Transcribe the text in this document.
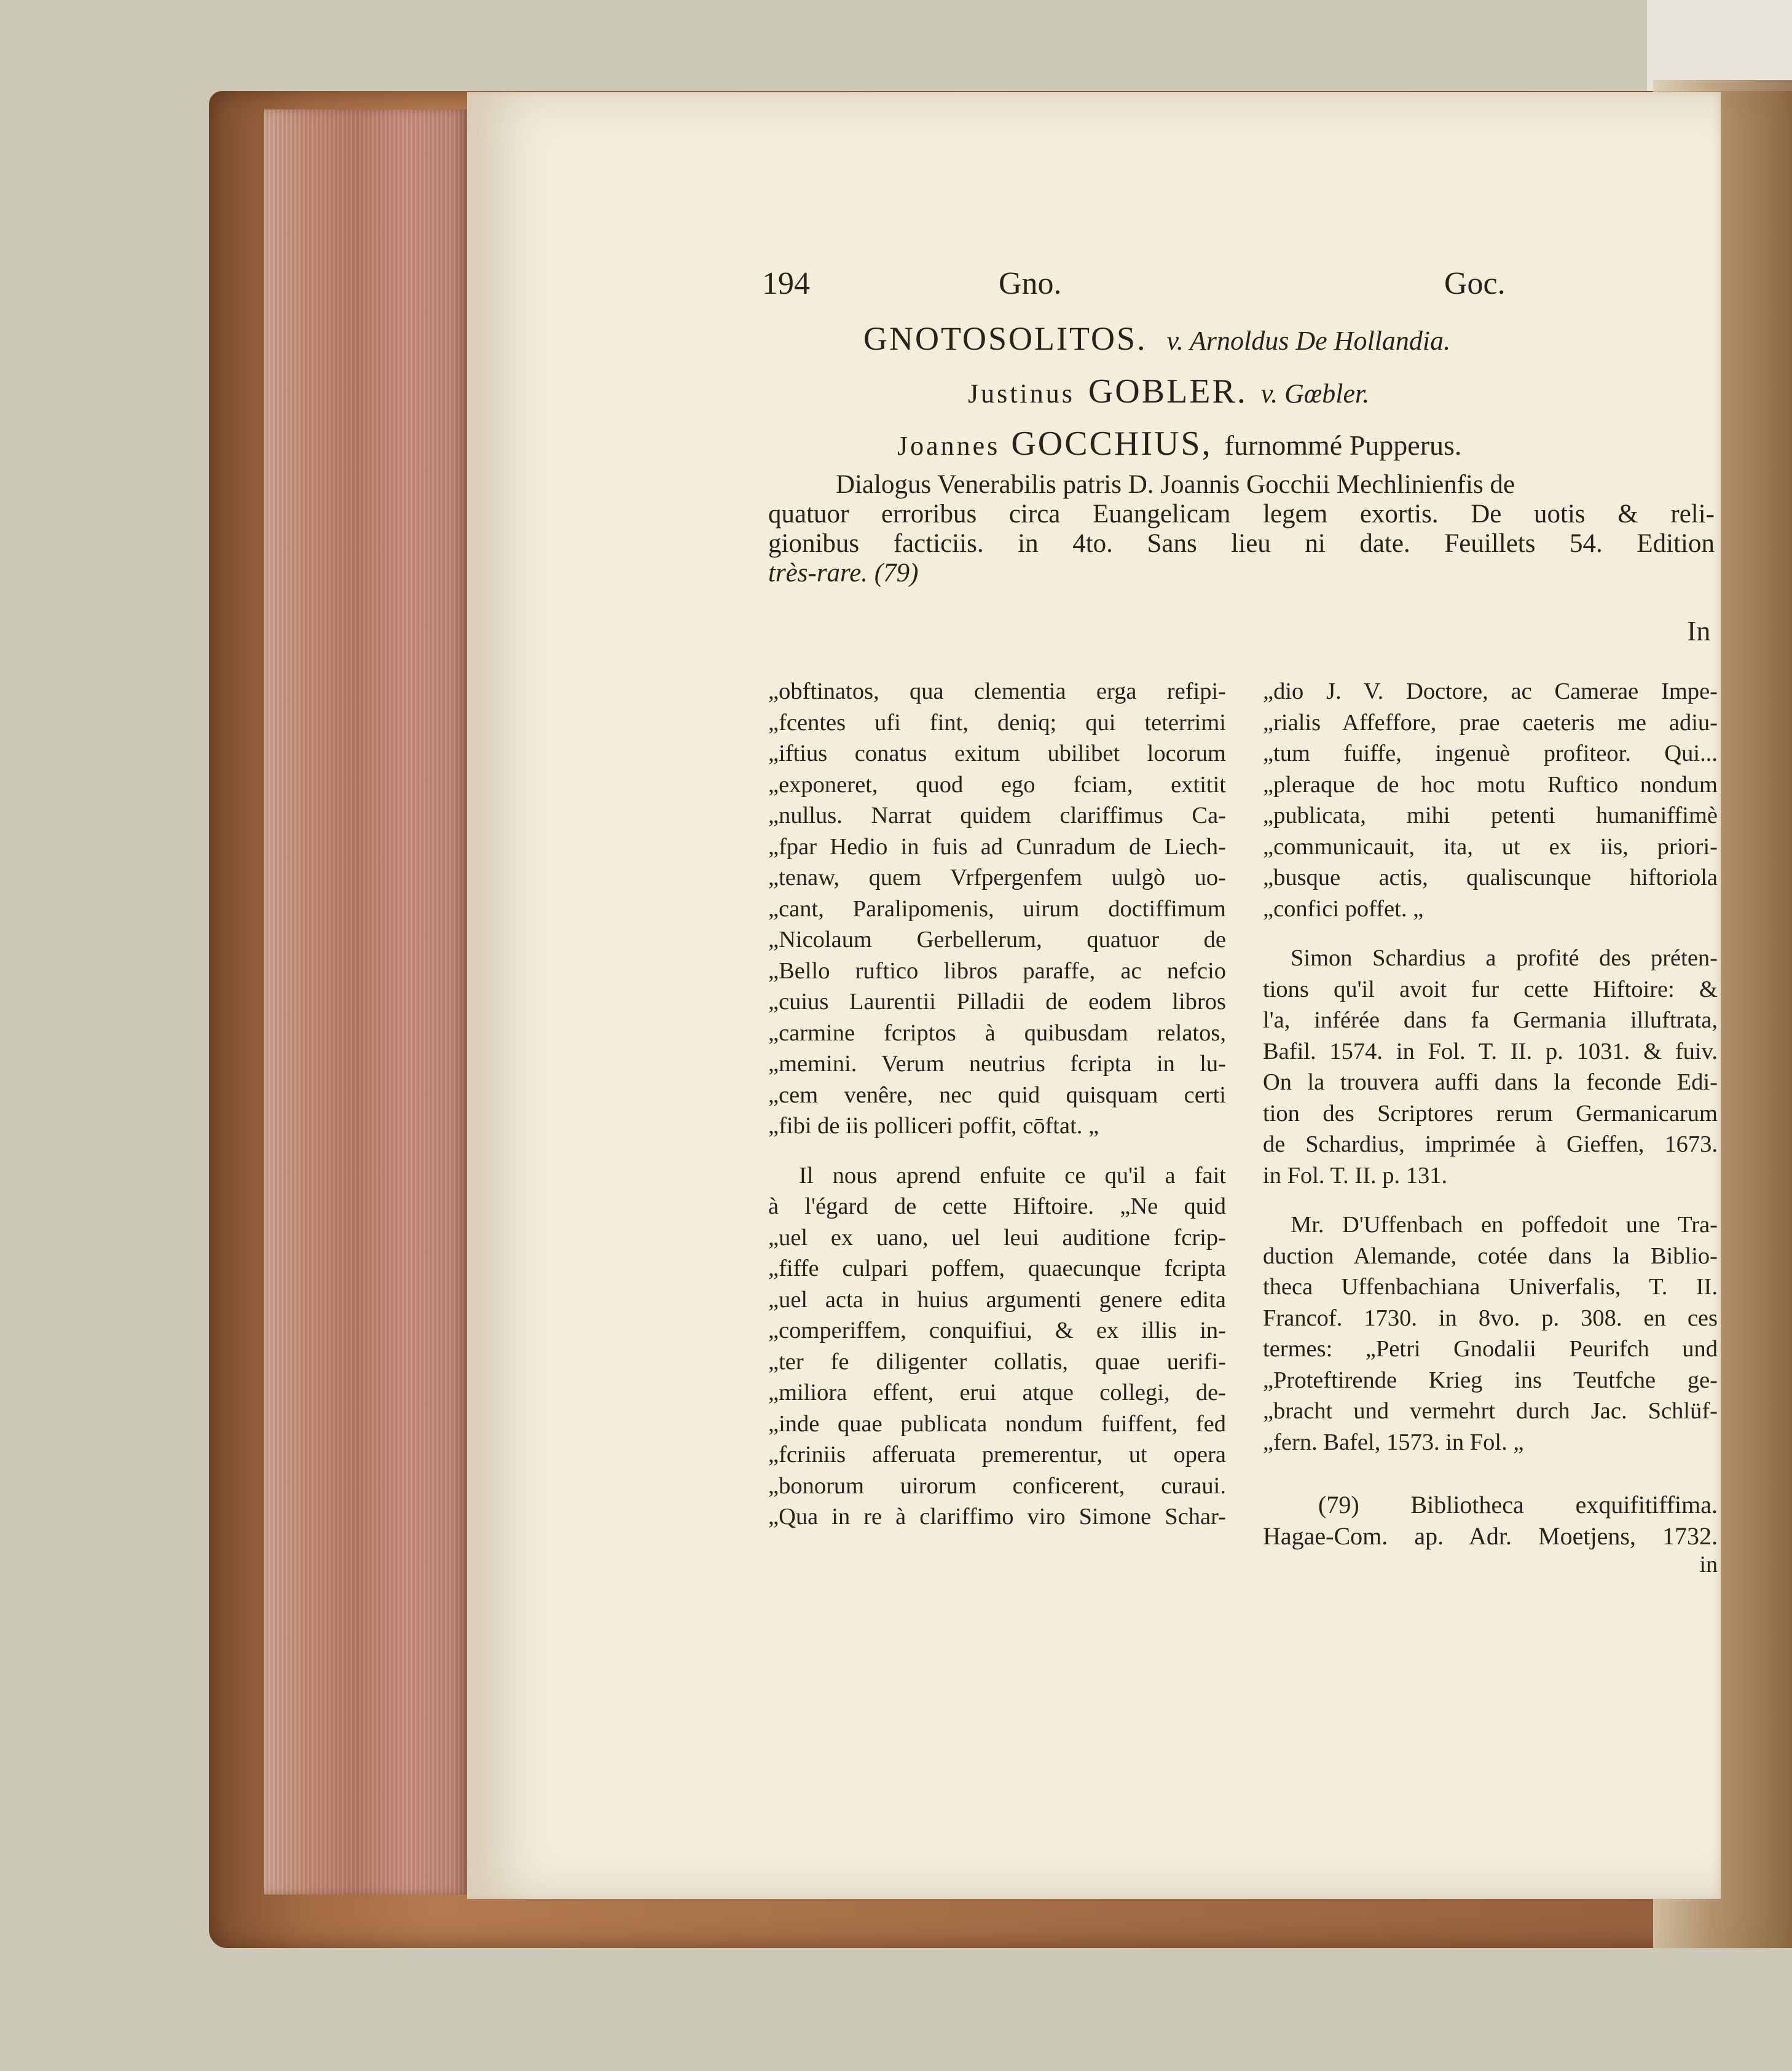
194	Gno.	Goc.
GNOTOSOLITOS. v. Arnoldus De Hollandia.
Justinus GOBLER. v. Gœbler.
Joannes GOCCHIUS, furnommé Pupperus.
Dialogus Venerabilis patris D. Joannis Gocchii Mechlinienfis de
quatuor erroribus circa Euangelicam legem exortis. De uotis & reli-
gionibus facticiis. in 4to. Sans lieu ni date. Feuillets 54. Edition
très-rare. (79)
In
„obftinatos, qua clementia erga refipi-
„fcentes ufi fint, deniq; qui teterrimi
„iftius conatus exitum ubilibet locorum
„exponeret, quod ego fciam, extitit
„nullus. Narrat quidem clariffimus Ca-
„fpar Hedio in fuis ad Cunradum de Liech-
„tenaw, quem Vrfpergenfem uulgò uo-
„cant, Paralipomenis, uirum doctiffimum
„Nicolaum Gerbellerum, quatuor de
„Bello ruftico libros paraffe, ac nefcio
„cuius Laurentii Pilladii de eodem libros
„carmine fcriptos à quibusdam relatos,
„memini. Verum neutrius fcripta in lu-
„cem venêre, nec quid quisquam certi
„fibi de iis polliceri poffit, cōftat. „
Il nous aprend enfuite ce qu'il a fait
à l'égard de cette Hiftoire. „Ne quid
„uel ex uano, uel leui auditione fcrip-
„fiffe culpari poffem, quaecunque fcripta
„uel acta in huius argumenti genere edita
„comperiffem, conquifiui, & ex illis in-
„ter fe diligenter collatis, quae uerifi-
„miliora effent, erui atque collegi, de-
„inde quae publicata nondum fuiffent, fed
„fcriniis afferuata premerentur, ut opera
„bonorum uirorum conficerent, curaui.
„Qua in re à clariffimo viro Simone Schar-
„dio J. V. Doctore, ac Camerae Impe-
„rialis Affeffore, prae caeteris me adiu-
„tum fuiffe, ingenuè profiteor. Qui...
„pleraque de hoc motu Ruftico nondum
„publicata, mihi petenti humaniffimè
„communicauit, ita, ut ex iis, priori-
„busque actis, qualiscunque hiftoriola
„confici poffet. „
Simon Schardius a profité des préten-
tions qu'il avoit fur cette Hiftoire: &
l'a, inférée dans fa Germania illuftrata,
Bafil. 1574. in Fol. T. II. p. 1031. & fuiv.
On la trouvera auffi dans la feconde Edi-
tion des Scriptores rerum Germanicarum
de Schardius, imprimée à Gieffen, 1673.
in Fol. T. II. p. 131.
Mr. D'Uffenbach en poffedoit une Tra-
duction Alemande, cotée dans la Biblio-
theca Uffenbachiana Univerfalis, T. II.
Francof. 1730. in 8vo. p. 308. en ces
termes: „Petri Gnodalii Peurifch und
„Proteftirende Krieg ins Teutfche ge-
„bracht und vermehrt durch Jac. Schlüf-
„fern. Bafel, 1573. in Fol. „
(79) Bibliotheca exquifitiffima.
Hagae-Com. ap. Adr. Moetjens, 1732.
in
